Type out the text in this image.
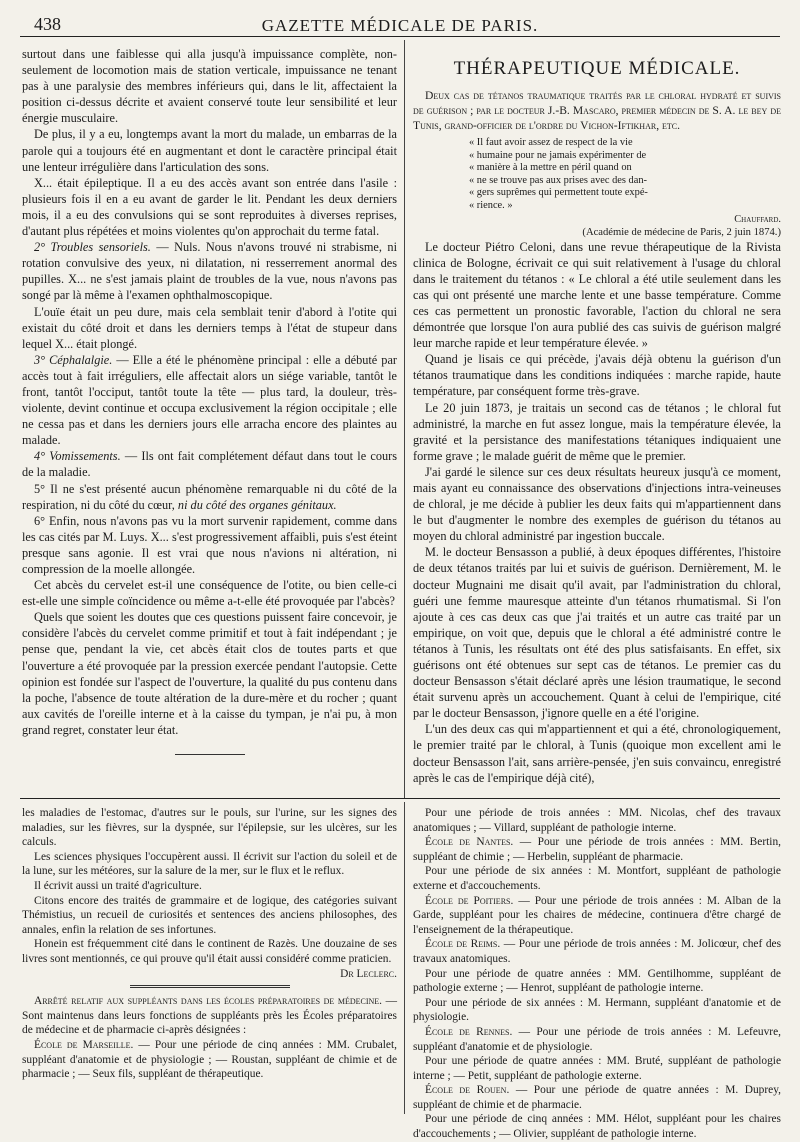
438	GAZETTE MÉDICALE DE PARIS.

surtout dans une faiblesse qui alla jusqu'à impuissance complète, non-seulement de locomotion mais de station verticale, impuissance ne tenant pas à une paralysie des membres inférieurs qui, dans le lit, affectaient la position ci-dessus décrite et avaient conservé toute leur sensibilité et leur énergie musculaire.

De plus, il y a eu, longtemps avant la mort du malade, un embarras de la parole qui a toujours été en augmentant et dont le caractère principal était une lenteur irrégulière dans l'articulation des sons.

X... était épileptique. Il a eu des accès avant son entrée dans l'asile : plusieurs fois il en a eu avant de garder le lit. Pendant les deux derniers mois, il a eu des convulsions qui se sont reproduites à diverses reprises, d'autant plus répétées et moins violentes qu'on approchait du terme fatal.

2° Troubles sensoriels. — Nuls. Nous n'avons trouvé ni strabisme, ni rotation convulsive des yeux, ni dilatation, ni resserrement anormal des pupilles. X... ne s'est jamais plaint de troubles de la vue, nous n'avons pas songé par là même à l'examen ophthalmoscopique.

L'ouïe était un peu dure, mais cela semblait tenir d'abord à l'otite qui existait du côté droit et dans les derniers temps à l'état de stupeur dans lequel X... était plongé.

3° Céphalalgie. — Elle a été le phénomène principal : elle a débuté par accès tout à fait irréguliers, elle affectait alors un siége variable, tantôt le front, tantôt l'occiput, tantôt toute la tête — plus tard, la douleur, très-violente, devint continue et occupa exclusivement la région occipitale ; elle ne cessa pas et dans les derniers jours elle arracha encore des plaintes au malade.

4° Vomissements. — Ils ont fait complétement défaut dans tout le cours de la maladie.

5° Il ne s'est présenté aucun phénomène remarquable ni du côté de la respiration, ni du côté du cœur, ni du côté des organes génitaux.

6° Enfin, nous n'avons pas vu la mort survenir rapidement, comme dans les cas cités par M. Luys. X... s'est progressivement affaibli, puis s'est éteint presque sans agonie. Il est vrai que nous n'avions ni altération, ni compression de la moelle allongée.

Cet abcès du cervelet est-il une conséquence de l'otite, ou bien celle-ci est-elle une simple coïncidence ou même a-t-elle été provoquée par l'abcès?

Quels que soient les doutes que ces questions puissent faire concevoir, je considère l'abcès du cervelet comme primitif et tout à fait indépendant ; je pense que, pendant la vie, cet abcès était clos de toutes parts et que l'ouverture a été provoquée par la pression exercée pendant l'autopsie. Cette opinion est fondée sur l'aspect de l'ouverture, la qualité du pus contenu dans la poche, l'absence de toute altération de la dure-mère et du rocher ; quant aux cavités de l'oreille interne et à la caisse du tympan, je n'ai pu, à mon grand regret, constater leur état.

THÉRAPEUTIQUE MÉDICALE.

Deux cas de tétanos traumatique traités par le chloral hydraté et suivis de guérison ; par le docteur J.-B. Mascaro, premier médecin de S. A. le bey de Tunis, grand-officier de l'ordre du Vichon-Iftikhar, etc.

« Il faut avoir assez de respect de la vie
« humaine pour ne jamais expérimenter de
« manière à la mettre en péril quand on
« ne se trouve pas aux prises avec des dan-
« gers suprêmes qui permettent toute expé-
« rience. »

Chauffard.

(Académie de médecine de Paris, 2 juin 1874.)

Le docteur Piétro Celoni, dans une revue thérapeutique de la Rivista clinica de Bologne, écrivait ce qui suit relativement à l'usage du chloral dans le traitement du tétanos : « Le chloral a été utile seulement dans les cas qui ont présenté une marche lente et une basse température. Comme ces cas permettent un pronostic favorable, l'action du chloral ne sera démontrée que lorsque l'on aura publié des cas suivis de guérison malgré leur marche rapide et leur température élevée. »

Quand je lisais ce qui précède, j'avais déjà obtenu la guérison d'un tétanos traumatique dans les conditions indiquées : marche rapide, haute température, par conséquent forme très-grave.

Le 20 juin 1873, je traitais un second cas de tétanos ; le chloral fut administré, la marche en fut assez longue, mais la température élevée, la gravité et la persistance des manifestations tétaniques indiquaient une forme grave ; le malade guérit de même que le premier.

J'ai gardé le silence sur ces deux résultats heureux jusqu'à ce moment, mais ayant eu connaissance des observations d'injections intra-veineuses de chloral, je me décide à publier les deux faits qui m'appartiennent dans le but d'augmenter le nombre des exemples de guérison du tétanos au moyen du chloral administré par ingestion buccale.

M. le docteur Bensasson a publié, à deux époques différentes, l'histoire de deux tétanos traités par lui et suivis de guérison. Dernièrement, M. le docteur Mugnaini me disait qu'il avait, par l'administration du chloral, guéri une femme mauresque atteinte d'un tétanos rhumatismal. Si l'on ajoute à ces cas deux cas que j'ai traités et un autre cas traité par un empirique, on voit que, depuis que le chloral a été administré contre le tétanos à Tunis, les résultats ont été des plus satisfaisants. En effet, six guérisons ont été obtenues sur sept cas de tétanos. Le premier cas du docteur Bensasson s'était déclaré après une lésion traumatique, le second était survenu après un accouchement. Quant à celui de l'empirique, cité par le docteur Bensasson, j'ignore quelle en a été l'origine.

L'un des deux cas qui m'appartiennent et qui a été, chronologiquement, le premier traité par le chloral, à Tunis (quoique mon excellent ami le docteur Bensasson l'ait, sans arrière-pensée, j'en suis convaincu, enregistré après le cas de l'empirique déjà cité),

les maladies de l'estomac, d'autres sur le pouls, sur l'urine, sur les signes des maladies, sur les fièvres, sur la dyspnée, sur l'épilepsie, sur les ulcères, sur les calculs.

Les sciences physiques l'occupèrent aussi. Il écrivit sur l'action du soleil et de la lune, sur les météores, sur la salure de la mer, sur le flux et le reflux.

Il écrivit aussi un traité d'agriculture.

Citons encore des traités de grammaire et de logique, des catégories suivant Thémistius, un recueil de curiosités et sentences des anciens philosophes, des annales, enfin la relation de ses infortunes.

Honein est fréquemment cité dans le continent de Razès. Une douzaine de ses livres sont mentionnés, ce qui prouve qu'il était aussi considéré comme praticien.

Dr Leclerc.

Arrêté relatif aux suppléants dans les écoles préparatoires de médecine. — Sont maintenus dans leurs fonctions de suppléants près les Écoles préparatoires de médecine et de pharmacie ci-après désignées :

École de Marseille. — Pour une période de cinq années : MM. Crubalet, suppléant d'anatomie et de physiologie ; — Roustan, suppléant de chimie et de pharmacie ; — Seux fils, suppléant de thérapeutique.

Pour une période de trois années : MM. Nicolas, chef des travaux anatomiques ; — Villard, suppléant de pathologie interne.

École de Nantes. — Pour une période de trois années : MM. Bertin, suppléant de chimie ; — Herbelin, suppléant de pharmacie.

Pour une période de six années : M. Montfort, suppléant de pathologie externe et d'accouchements.

École de Poitiers. — Pour une période de trois années : M. Alban de la Garde, suppléant pour les chaires de médecine, continuera d'être chargé de l'enseignement de la thérapeutique.

École de Reims. — Pour une période de trois années : M. Jolicœur, chef des travaux anatomiques.

Pour une période de quatre années : MM. Gentilhomme, suppléant de pathologie externe ; — Henrot, suppléant de pathologie interne.

Pour une période de six années : M. Hermann, suppléant d'anatomie et de physiologie.

École de Rennes. — Pour une période de trois années : M. Lefeuvre, suppléant d'anatomie et de physiologie.

Pour une période de quatre années : MM. Bruté, suppléant de pathologie interne ; — Petit, suppléant de pathologie externe.

École de Rouen. — Pour une période de quatre années : M. Duprey, suppléant de chimie et de pharmacie.

Pour une période de cinq années : MM. Hélot, suppléant pour les chaires d'accouchements ; — Olivier, suppléant de pathologie interne.
